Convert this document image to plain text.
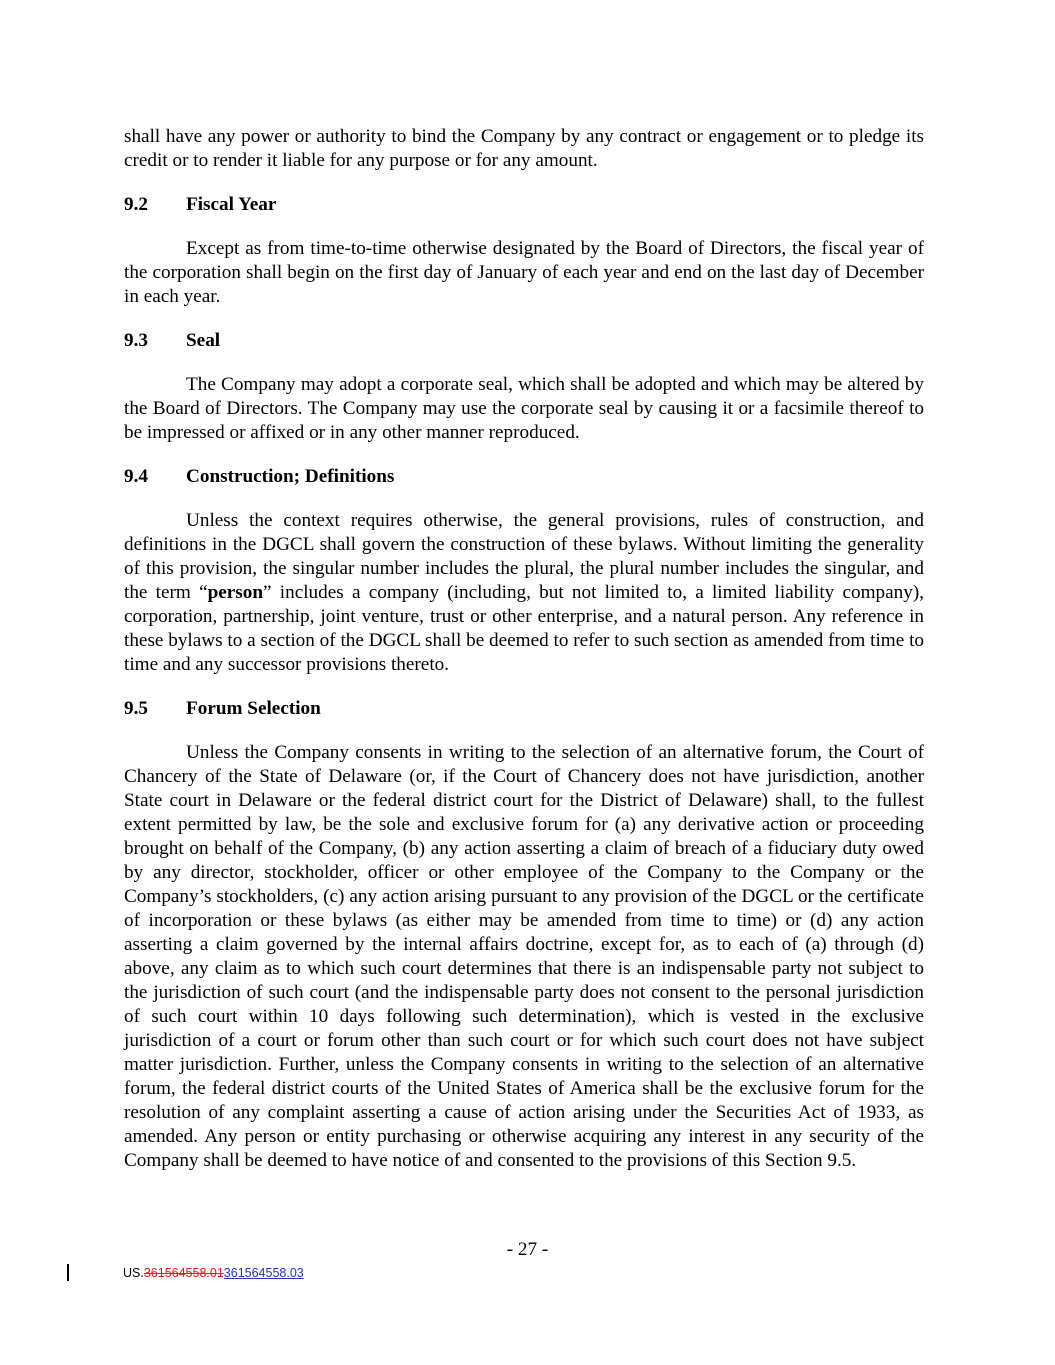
shall have any power or authority to bind the Company by any contract or engagement or to pledge its credit or to render it liable for any purpose or for any amount.

9.2	Fiscal Year

Except as from time-to-time otherwise designated by the Board of Directors, the fiscal year of the corporation shall begin on the first day of January of each year and end on the last day of December in each year.

9.3	Seal

The Company may adopt a corporate seal, which shall be adopted and which may be altered by the Board of Directors. The Company may use the corporate seal by causing it or a facsimile thereof to be impressed or affixed or in any other manner reproduced.

9.4	Construction; Definitions

Unless the context requires otherwise, the general provisions, rules of construction, and definitions in the DGCL shall govern the construction of these bylaws. Without limiting the generality of this provision, the singular number includes the plural, the plural number includes the singular, and the term “person” includes a company (including, but not limited to, a limited liability company), corporation, partnership, joint venture, trust or other enterprise, and a natural person. Any reference in these bylaws to a section of the DGCL shall be deemed to refer to such section as amended from time to time and any successor provisions thereto.

9.5	Forum Selection

Unless the Company consents in writing to the selection of an alternative forum, the Court of Chancery of the State of Delaware (or, if the Court of Chancery does not have jurisdiction, another State court in Delaware or the federal district court for the District of Delaware) shall, to the fullest extent permitted by law, be the sole and exclusive forum for (a) any derivative action or proceeding brought on behalf of the Company, (b) any action asserting a claim of breach of a fiduciary duty owed by any director, stockholder, officer or other employee of the Company to the Company or the Company’s stockholders, (c) any action arising pursuant to any provision of the DGCL or the certificate of incorporation or these bylaws (as either may be amended from time to time) or (d) any action asserting a claim governed by the internal affairs doctrine, except for, as to each of (a) through (d) above, any claim as to which such court determines that there is an indispensable party not subject to the jurisdiction of such court (and the indispensable party does not consent to the personal jurisdiction of such court within 10 days following such determination), which is vested in the exclusive jurisdiction of a court or forum other than such court or for which such court does not have subject matter jurisdiction. Further, unless the Company consents in writing to the selection of an alternative forum, the federal district courts of the United States of America shall be the exclusive forum for the resolution of any complaint asserting a cause of action arising under the Securities Act of 1933, as amended. Any person or entity purchasing or otherwise acquiring any interest in any security of the Company shall be deemed to have notice of and consented to the provisions of this Section 9.5.

- 27 -
US.361564558.01361564558.03
